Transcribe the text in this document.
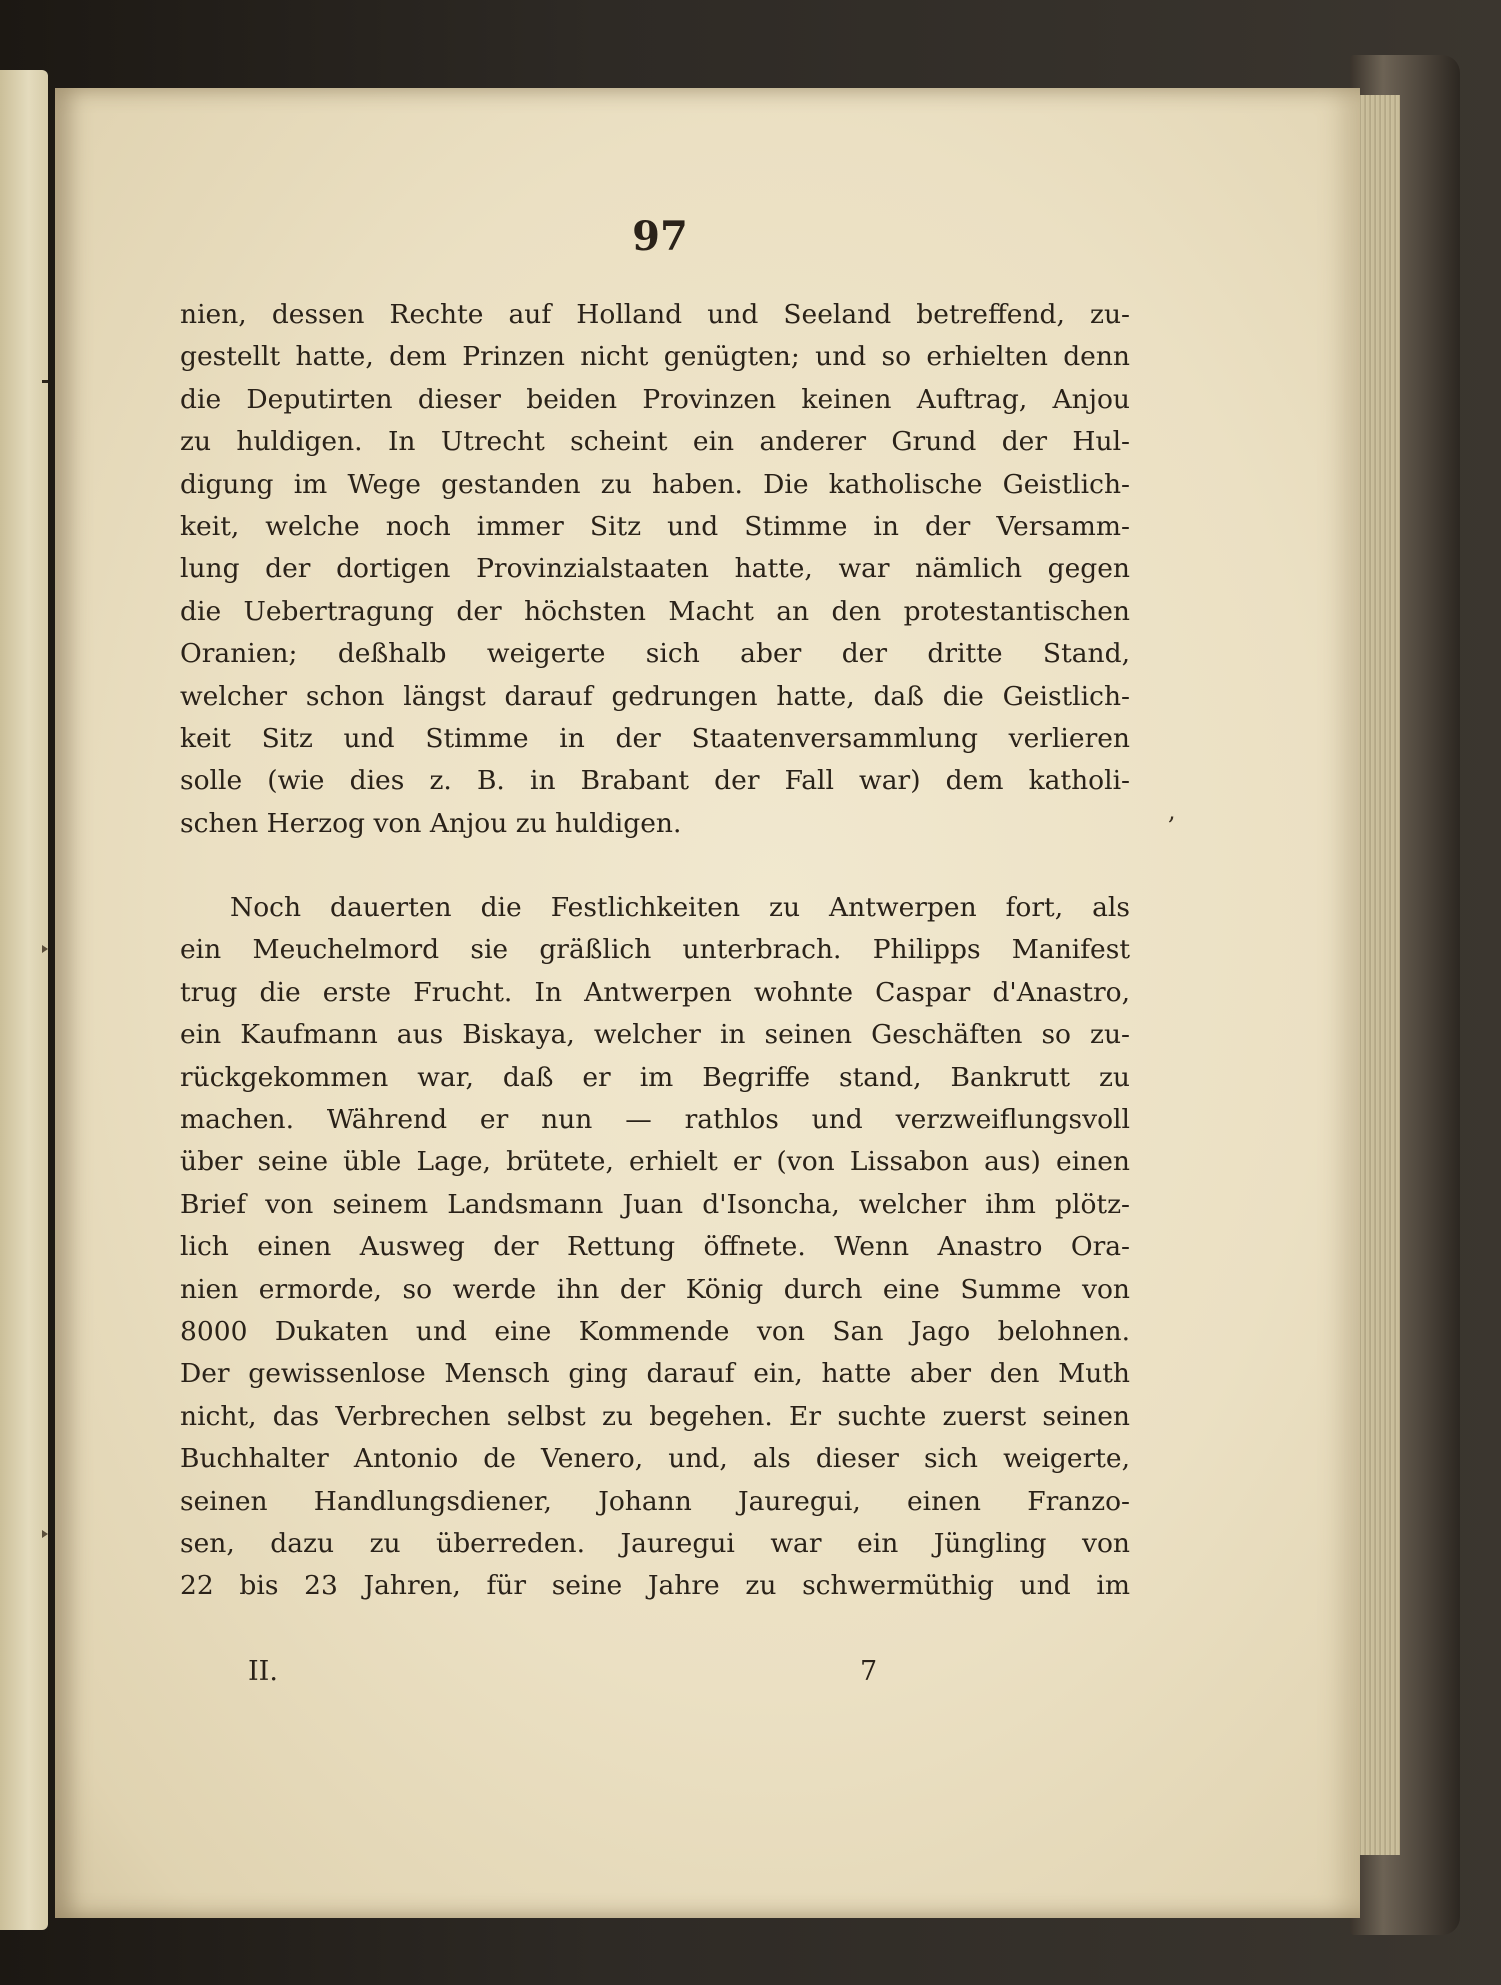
97
nien, dessen Rechte auf Holland und Seeland betreffend, zu-
gestellt hatte, dem Prinzen nicht genügten; und so erhielten denn
die Deputirten dieser beiden Provinzen keinen Auftrag, Anjou
zu huldigen. In Utrecht scheint ein anderer Grund der Hul-
digung im Wege gestanden zu haben. Die katholische Geistlich-
keit, welche noch immer Sitz und Stimme in der Versamm-
lung der dortigen Provinzialstaaten hatte, war nämlich gegen
die Uebertragung der höchsten Macht an den protestantischen
Oranien; deßhalb weigerte sich aber der dritte Stand,
welcher schon längst darauf gedrungen hatte, daß die Geistlich-
keit Sitz und Stimme in der Staatenversammlung verlieren
solle (wie dies z. B. in Brabant der Fall war) dem katholi-
schen Herzog von Anjou zu huldigen.
Noch dauerten die Festlichkeiten zu Antwerpen fort, als
ein Meuchelmord sie gräßlich unterbrach. Philipps Manifest
trug die erste Frucht. In Antwerpen wohnte Caspar d'Anastro,
ein Kaufmann aus Biskaya, welcher in seinen Geschäften so zu-
rückgekommen war, daß er im Begriffe stand, Bankrutt zu
machen. Während er nun — rathlos und verzweiflungsvoll
über seine üble Lage, brütete, erhielt er (von Lissabon aus) einen
Brief von seinem Landsmann Juan d'Isoncha, welcher ihm plötz-
lich einen Ausweg der Rettung öffnete. Wenn Anastro Ora-
nien ermorde, so werde ihn der König durch eine Summe von
8000 Dukaten und eine Kommende von San Jago belohnen.
Der gewissenlose Mensch ging darauf ein, hatte aber den Muth
nicht, das Verbrechen selbst zu begehen. Er suchte zuerst seinen
Buchhalter Antonio de Venero, und, als dieser sich weigerte,
seinen Handlungsdiener, Johann Jauregui, einen Franzo-
sen, dazu zu überreden. Jauregui war ein Jüngling von
22 bis 23 Jahren, für seine Jahre zu schwermüthig und im
,
II.	7
